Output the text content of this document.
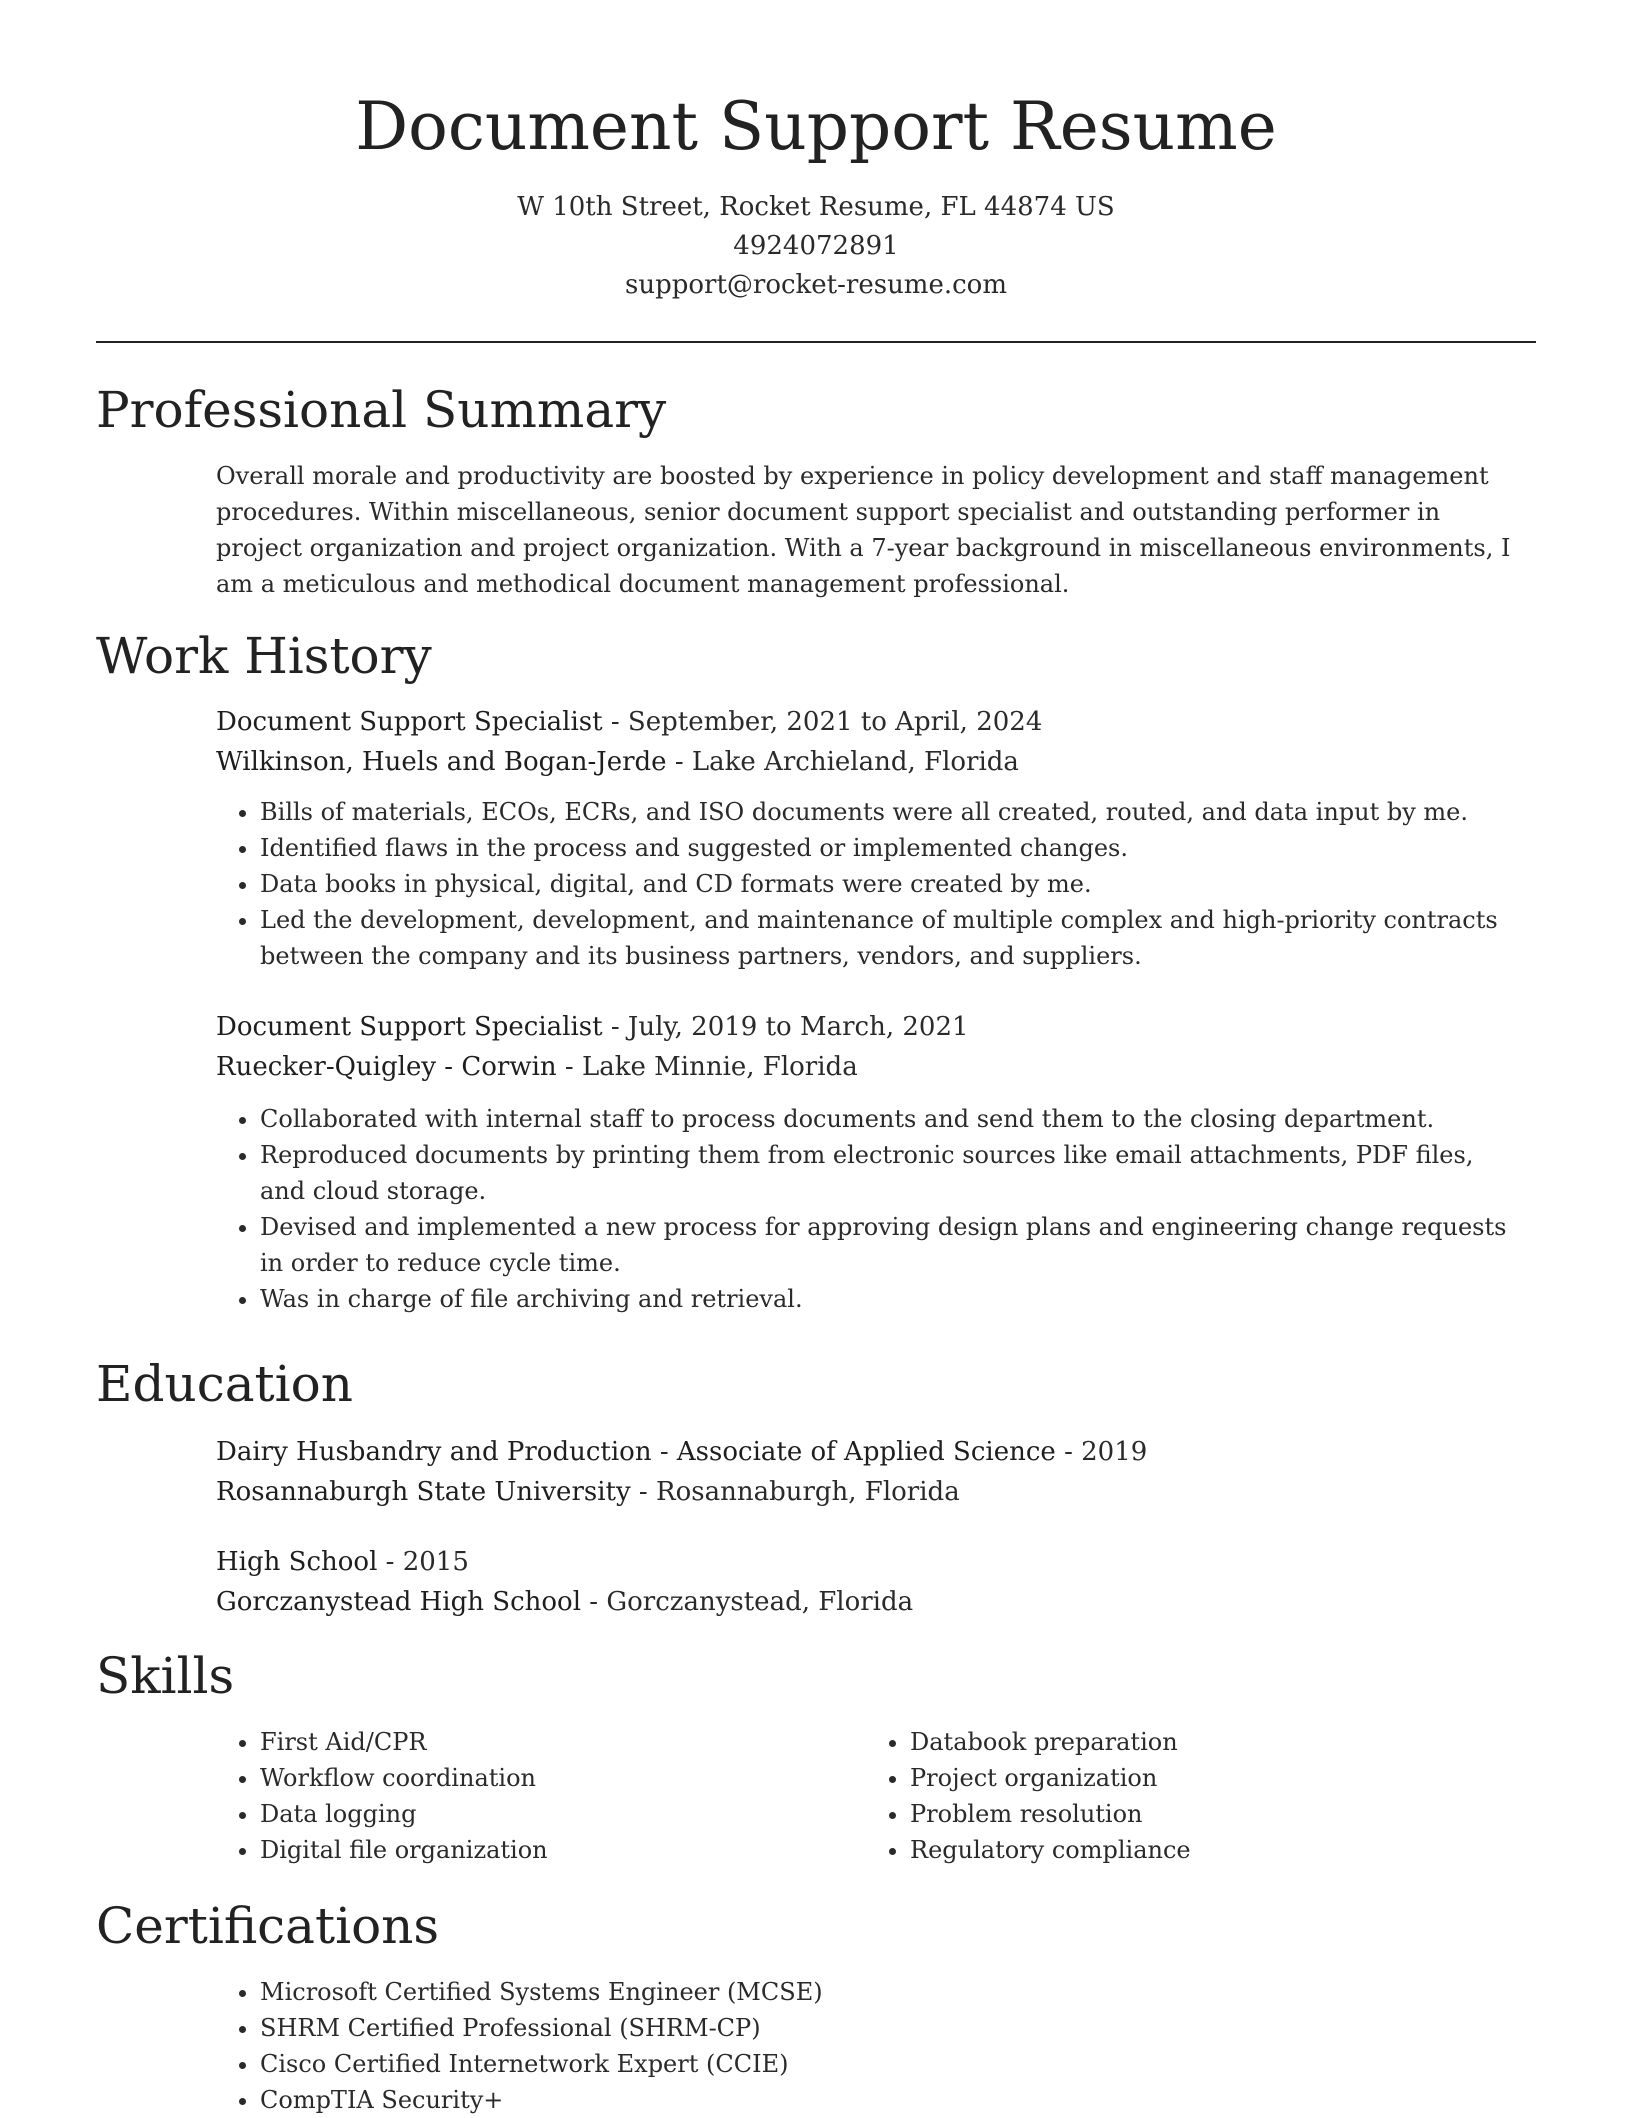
Document Support Resume

W 10th Street, Rocket Resume, FL 44874 US

4924072891

support@rocket-resume.com

Professional Summary

Overall morale and productivity are boosted by experience in policy development and staff management procedures. Within miscellaneous, senior document support specialist and outstanding performer in project organization and project organization. With a 7-year background in miscellaneous environments, I am a meticulous and methodical document management professional.

Work History

Document Support Specialist - September, 2021 to April, 2024

Wilkinson, Huels and Bogan-Jerde - Lake Archieland, Florida

• Bills of materials, ECOs, ECRs, and ISO documents were all created, routed, and data input by me.
• Identified flaws in the process and suggested or implemented changes.
• Data books in physical, digital, and CD formats were created by me.
• Led the development, development, and maintenance of multiple complex and high-priority contracts between the company and its business partners, vendors, and suppliers.

Document Support Specialist - July, 2019 to March, 2021

Ruecker-Quigley - Corwin - Lake Minnie, Florida

• Collaborated with internal staff to process documents and send them to the closing department.
• Reproduced documents by printing them from electronic sources like email attachments, PDF files, and cloud storage.
• Devised and implemented a new process for approving design plans and engineering change requests in order to reduce cycle time.
• Was in charge of file archiving and retrieval.
Education

Dairy Husbandry and Production - Associate of Applied Science - 2019

Rosannaburgh State University - Rosannaburgh, Florida

High School - 2015

Gorczanystead High School - Gorczanystead, Florida

Skills
• First Aid/CPR
• Workflow coordination
• Data logging
• Digital file organization
• Databook preparation
• Project organization
• Problem resolution
• Regulatory compliance
Certifications
• Microsoft Certified Systems Engineer (MCSE)
• SHRM Certified Professional (SHRM-CP)
• Cisco Certified Internetwork Expert (CCIE)
• CompTIA Security+
